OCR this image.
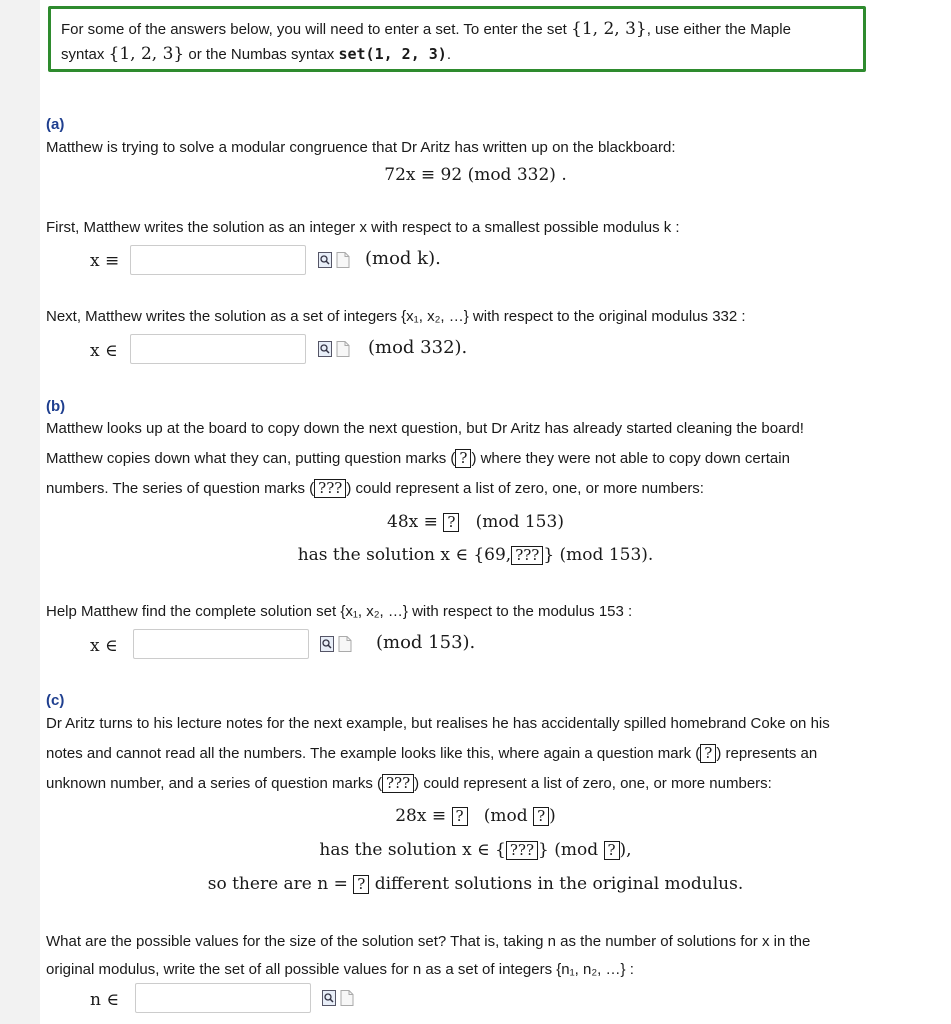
For some of the answers below, you will need to enter a set. To enter the set {1, 2, 3}, use either the Maple
syntax {1, 2, 3} or the Numbas syntax set(1, 2, 3).
(a)
Matthew is trying to solve a modular congruence that Dr Aritz has written up on the blackboard:
72x ≡ 92 (mod 332) .
First, Matthew writes the solution as an integer x with respect to a smallest possible modulus k :
x ≡	(mod k).
Next, Matthew writes the solution as a set of integers {x₁, x₂, …} with respect to the original modulus 332 :
x ∈	(mod 332).
(b)
Matthew looks up at the board to copy down the next question, but Dr Aritz has already started cleaning the board!
Matthew copies down what they can, putting question marks ( ? ) where they were not able to copy down certain
numbers. The series of question marks ( ??? ) could represent a list of zero, one, or more numbers:
48x ≡ ? (mod 153)
has the solution x ∈ {69, ??? } (mod 153).
Help Matthew find the complete solution set {x₁, x₂, …} with respect to the modulus 153 :
x ∈	(mod 153).
(c)
Dr Aritz turns to his lecture notes for the next example, but realises he has accidentally spilled homebrand Coke on his
notes and cannot read all the numbers. The example looks like this, where again a question mark ( ? ) represents an
unknown number, and a series of question marks ( ??? ) could represent a list of zero, one, or more numbers:
28x ≡ ? (mod ? )
has the solution x ∈ { ??? } (mod ? ),
so there are n = ? different solutions in the original modulus.
What are the possible values for the size of the solution set? That is, taking n as the number of solutions for x in the
original modulus, write the set of all possible values for n as a set of integers {n₁, n₂, …} :
n ∈
